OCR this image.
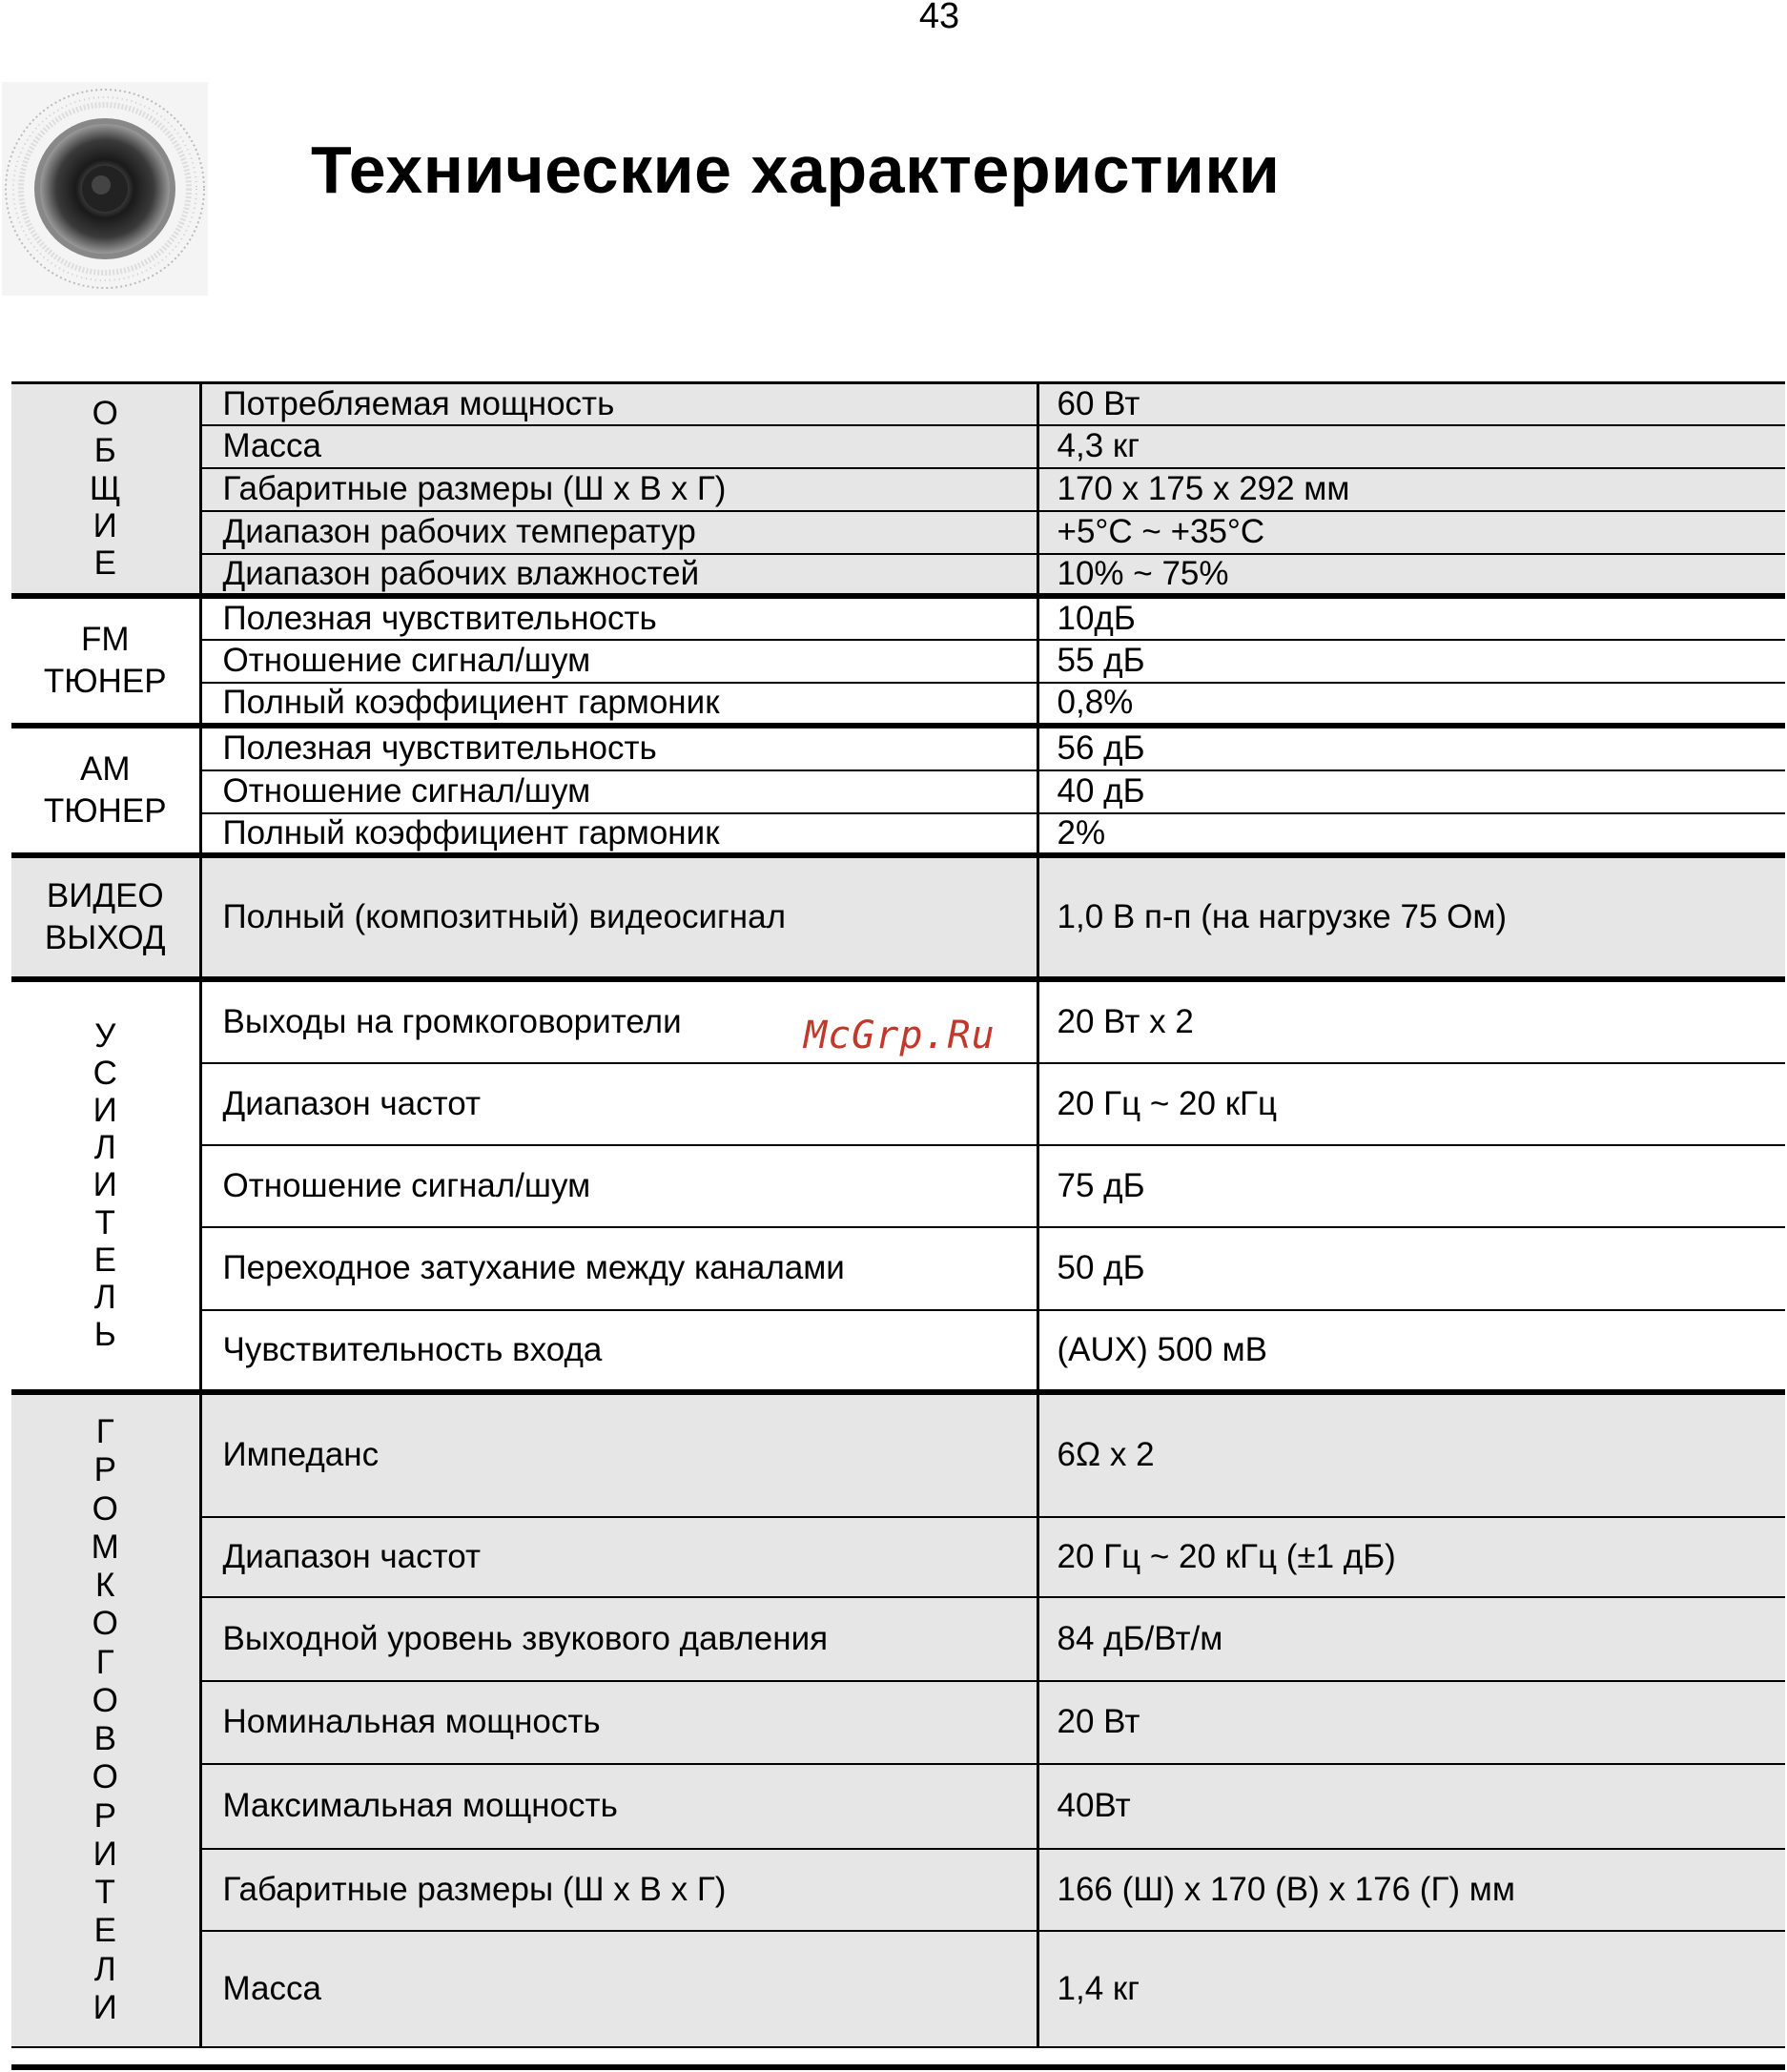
43
Технические характеристики
О Б Щ И Е	Потребляемая мощность	60 Вт
	Масса	4,3 кг
	Габаритные размеры (Ш х В х Г)	170 x 175 x 292 мм
	Диапазон рабочих температур	+5°C ~ +35°C
	Диапазон рабочих влажностей	10% ~ 75%
FM ТЮНЕР	Полезная чувствительность	10дБ
	Отношение сигнал/шум	55 дБ
	Полный коэффициент гармоник	0,8%
AM ТЮНЕР	Полезная чувствительность	56 дБ
	Отношение сигнал/шум	40 дБ
	Полный коэффициент гармоник	2%
ВИДЕО ВЫХОД	Полный (композитный) видеосигнал	1,0 В п-п (на нагрузке 75 Ом)
У С И Л И Т Е Л Ь	Выходы на громкоговорители	20 Вт x 2
	Диапазон частот	20 Гц ~ 20 кГц
	Отношение сигнал/шум	75 дБ
	Переходное затухание между каналами	50 дБ
	Чувствительность входа	(AUX) 500 мВ
Г Р О М К О Г О В О Р И Т Е Л И	Импеданс	6Ω x 2
	Диапазон частот	20 Гц ~ 20 кГц (±1 дБ)
	Выходной уровень звукового давления	84 дБ/Вт/м
	Номинальная мощность	20 Вт
	Максимальная мощность	40Вт
	Габаритные размеры (Ш х В х Г)	166 (Ш) x 170 (В) x 176 (Г) мм
	Масса	1,4 кг
McGrp.Ru
